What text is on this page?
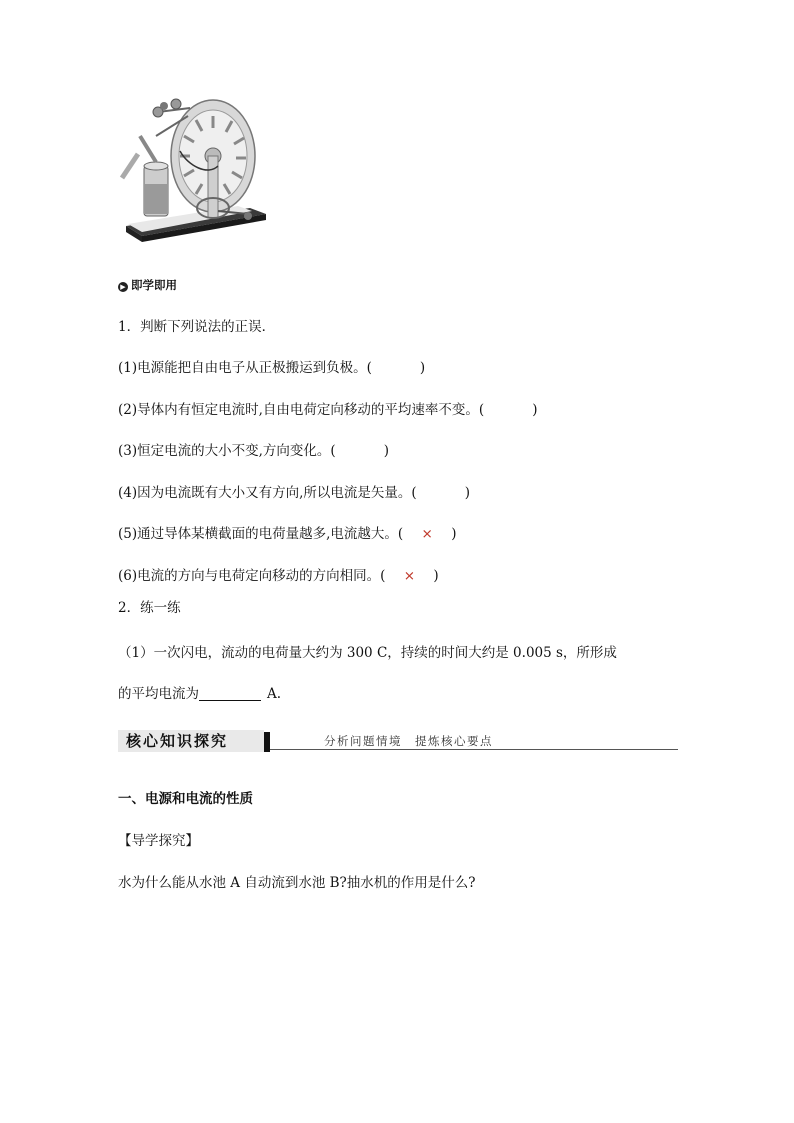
▶ 即学即用
1．判断下列说法的正误．
(1)电源能把自由电子从正极搬运到负极。(	)
(2)导体内有恒定电流时,自由电荷定向移动的平均速率不变。(	)
(3)恒定电流的大小不变,方向变化。(	)
(4)因为电流既有大小又有方向,所以电流是矢量。(	)
(5)通过导体某横截面的电荷量越多,电流越大。( × )
(6)电流的方向与电荷定向移动的方向相同。( × )
2．练一练
（1）一次闪电，流动的电荷量大约为 300 C，持续的时间大约是 0.005 s，所形成
的平均电流为	A.
核心知识探究	分析问题情境　提炼核心要点
一、电源和电流的性质
【导学探究】
水为什么能从水池 A 自动流到水池 B?抽水机的作用是什么?
